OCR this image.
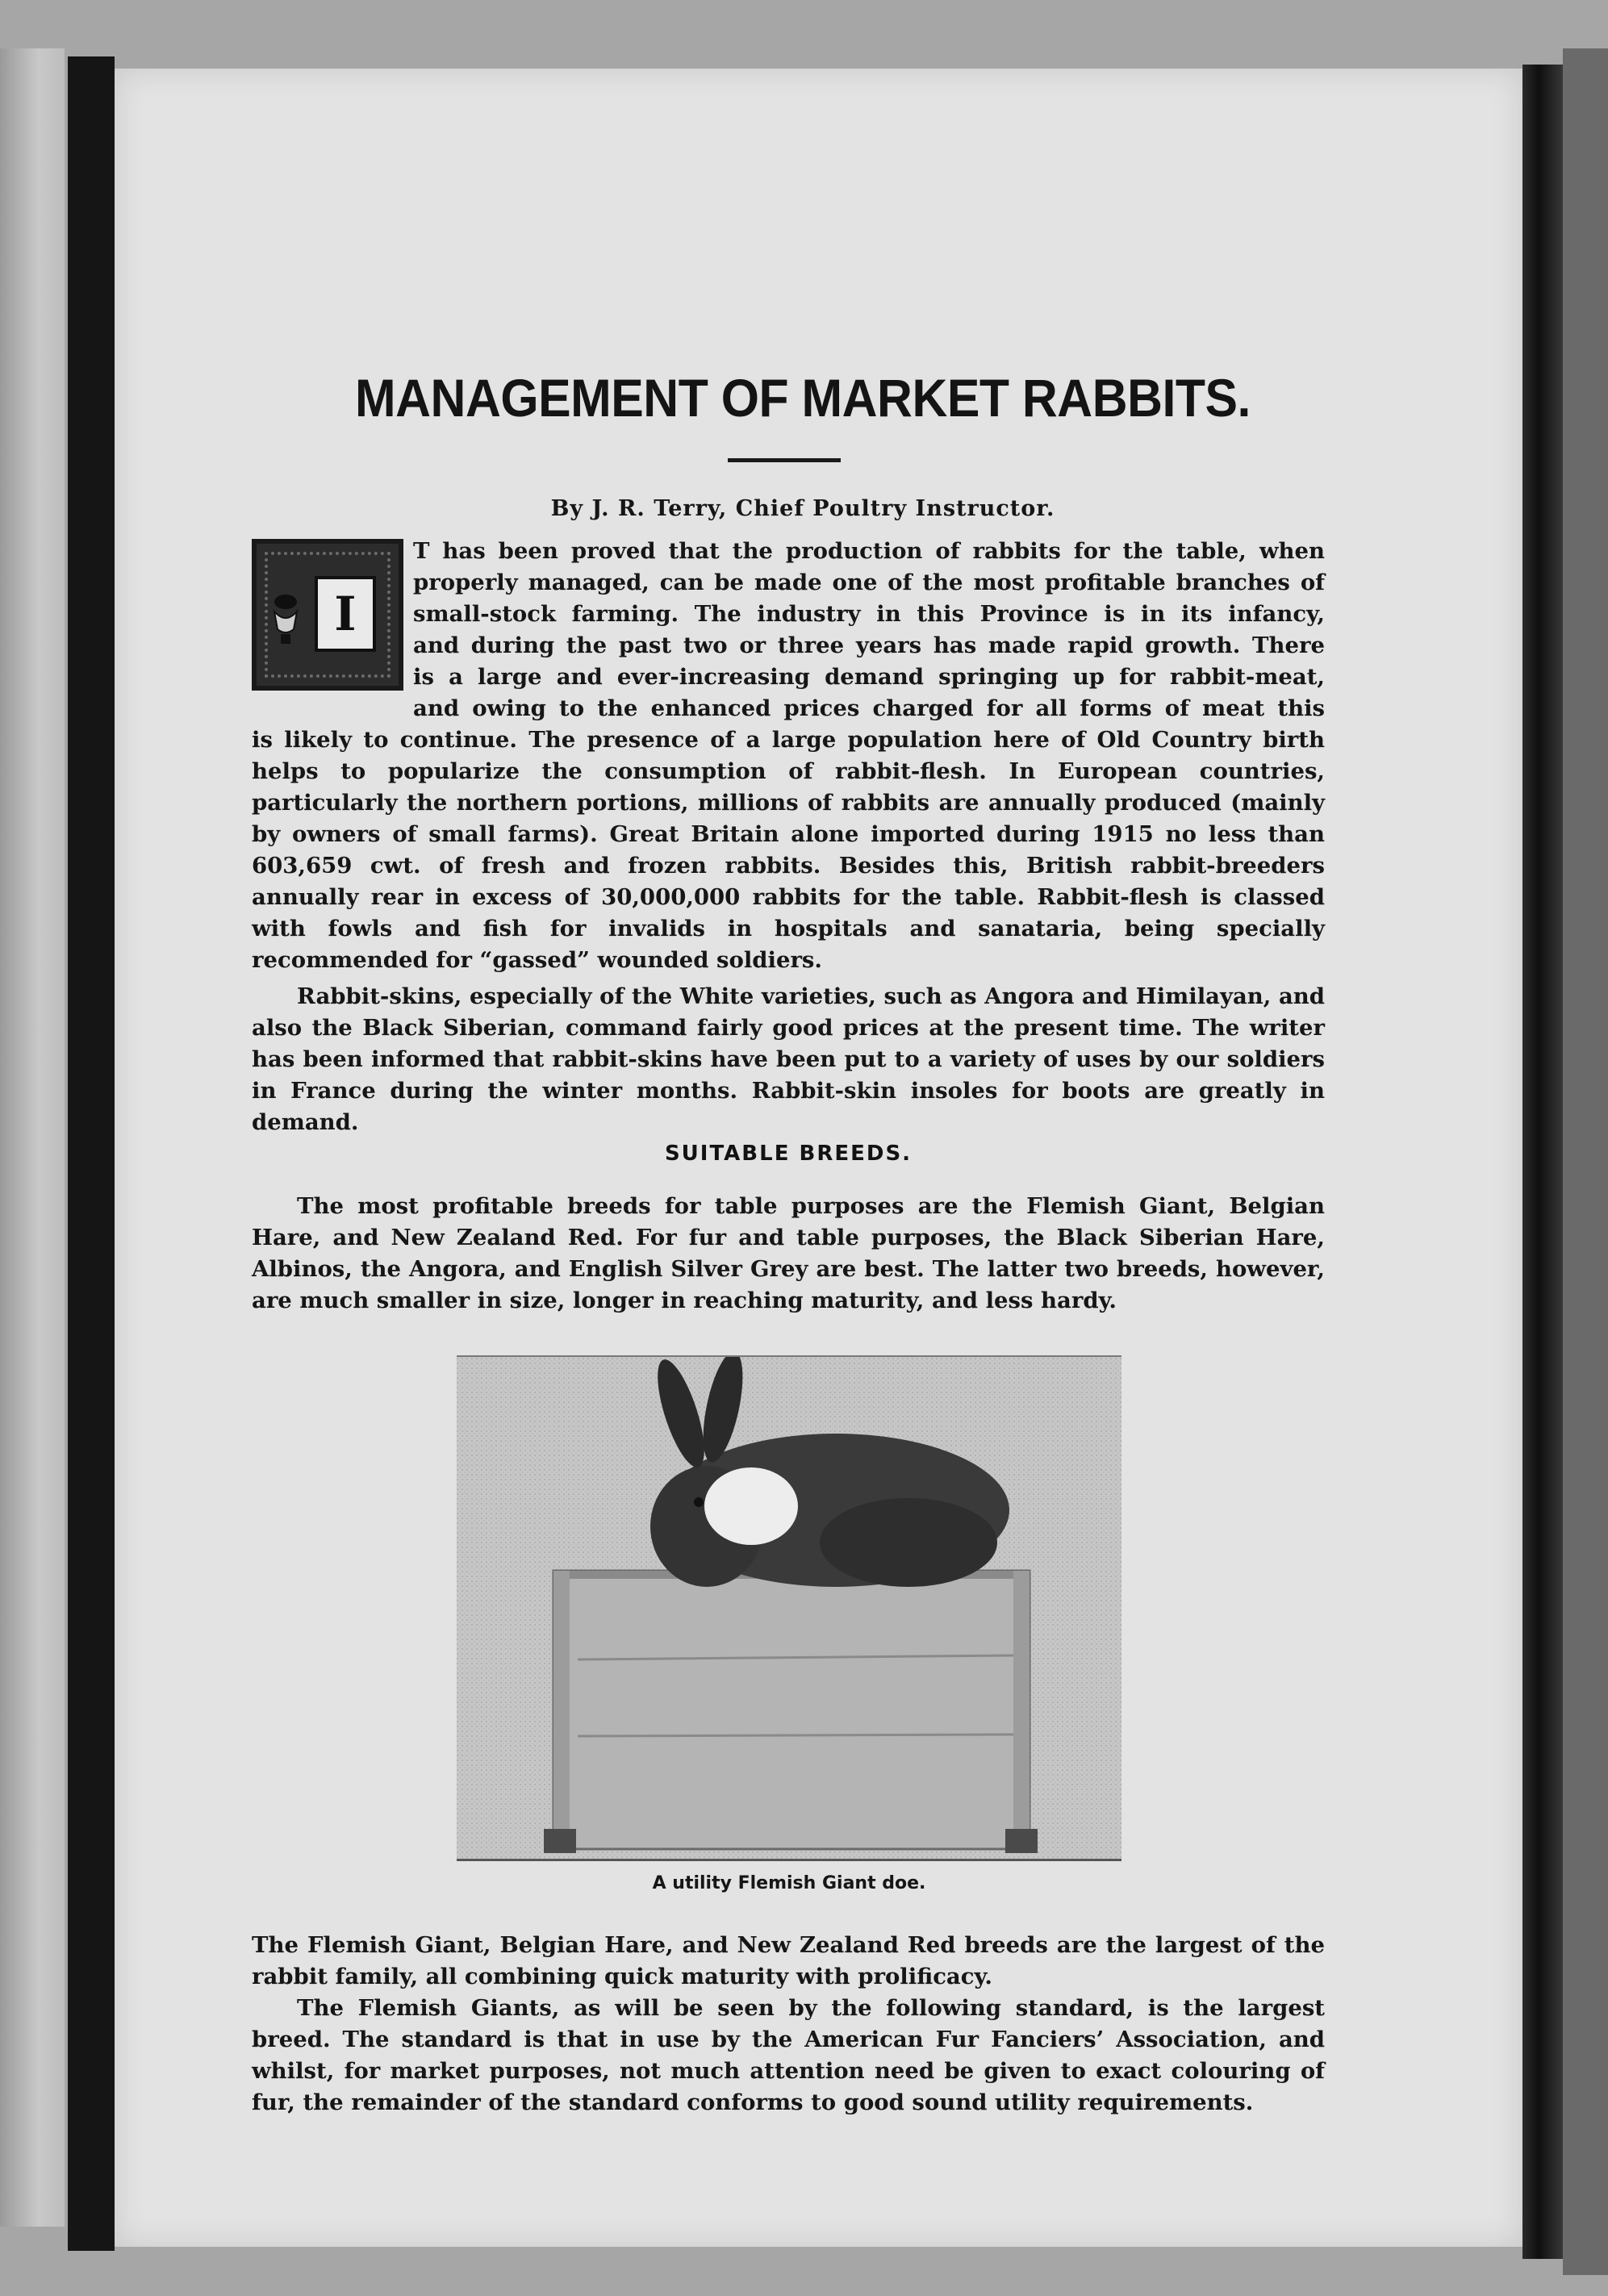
MANAGEMENT OF MARKET RABBITS.

By J. R. Terry, Chief Poultry Instructor.

I
T has been proved that the production of rabbits for the table, when
properly managed, can be made one of the most profitable branches of
small-stock farming. The industry in this Province is in its infancy,
and during the past two or three years has made rapid growth. There
is a large and ever-increasing demand springing up for rabbit-meat,
and owing to the enhanced prices charged for all forms of meat this

is likely to continue. The presence of a large population here of Old Country birth helps to popularize the consumption of rabbit-flesh. In European countries, particularly the northern portions, millions of rabbits are annually produced (mainly by owners of small farms). Great Britain alone imported during 1915 no less than 603,659 cwt. of fresh and frozen rabbits. Besides this, British rabbit-breeders annually rear in excess of 30,000,000 rabbits for the table. Rabbit-flesh is classed with fowls and fish for invalids in hospitals and sanataria, being specially recommended for “gassed” wounded soldiers.

Rabbit-skins, especially of the White varieties, such as Angora and Himilayan, and also the Black Siberian, command fairly good prices at the present time. The writer has been informed that rabbit-skins have been put to a variety of uses by our soldiers in France during the winter months. Rabbit-skin insoles for boots are greatly in demand.

SUITABLE BREEDS.

The most profitable breeds for table purposes are the Flemish Giant, Belgian Hare, and New Zealand Red. For fur and table purposes, the Black Siberian Hare, Albinos, the Angora, and English Silver Grey are best. The latter two breeds, however, are much smaller in size, longer in reaching maturity, and less hardy.

A utility Flemish Giant doe.

The Flemish Giant, Belgian Hare, and New Zealand Red breeds are the largest of the rabbit family, all combining quick maturity with prolificacy.

The Flemish Giants, as will be seen by the following standard, is the largest breed. The standard is that in use by the American Fur Fanciers’ Association, and whilst, for market purposes, not much attention need be given to exact colouring of fur, the remainder of the standard conforms to good sound utility requirements.
